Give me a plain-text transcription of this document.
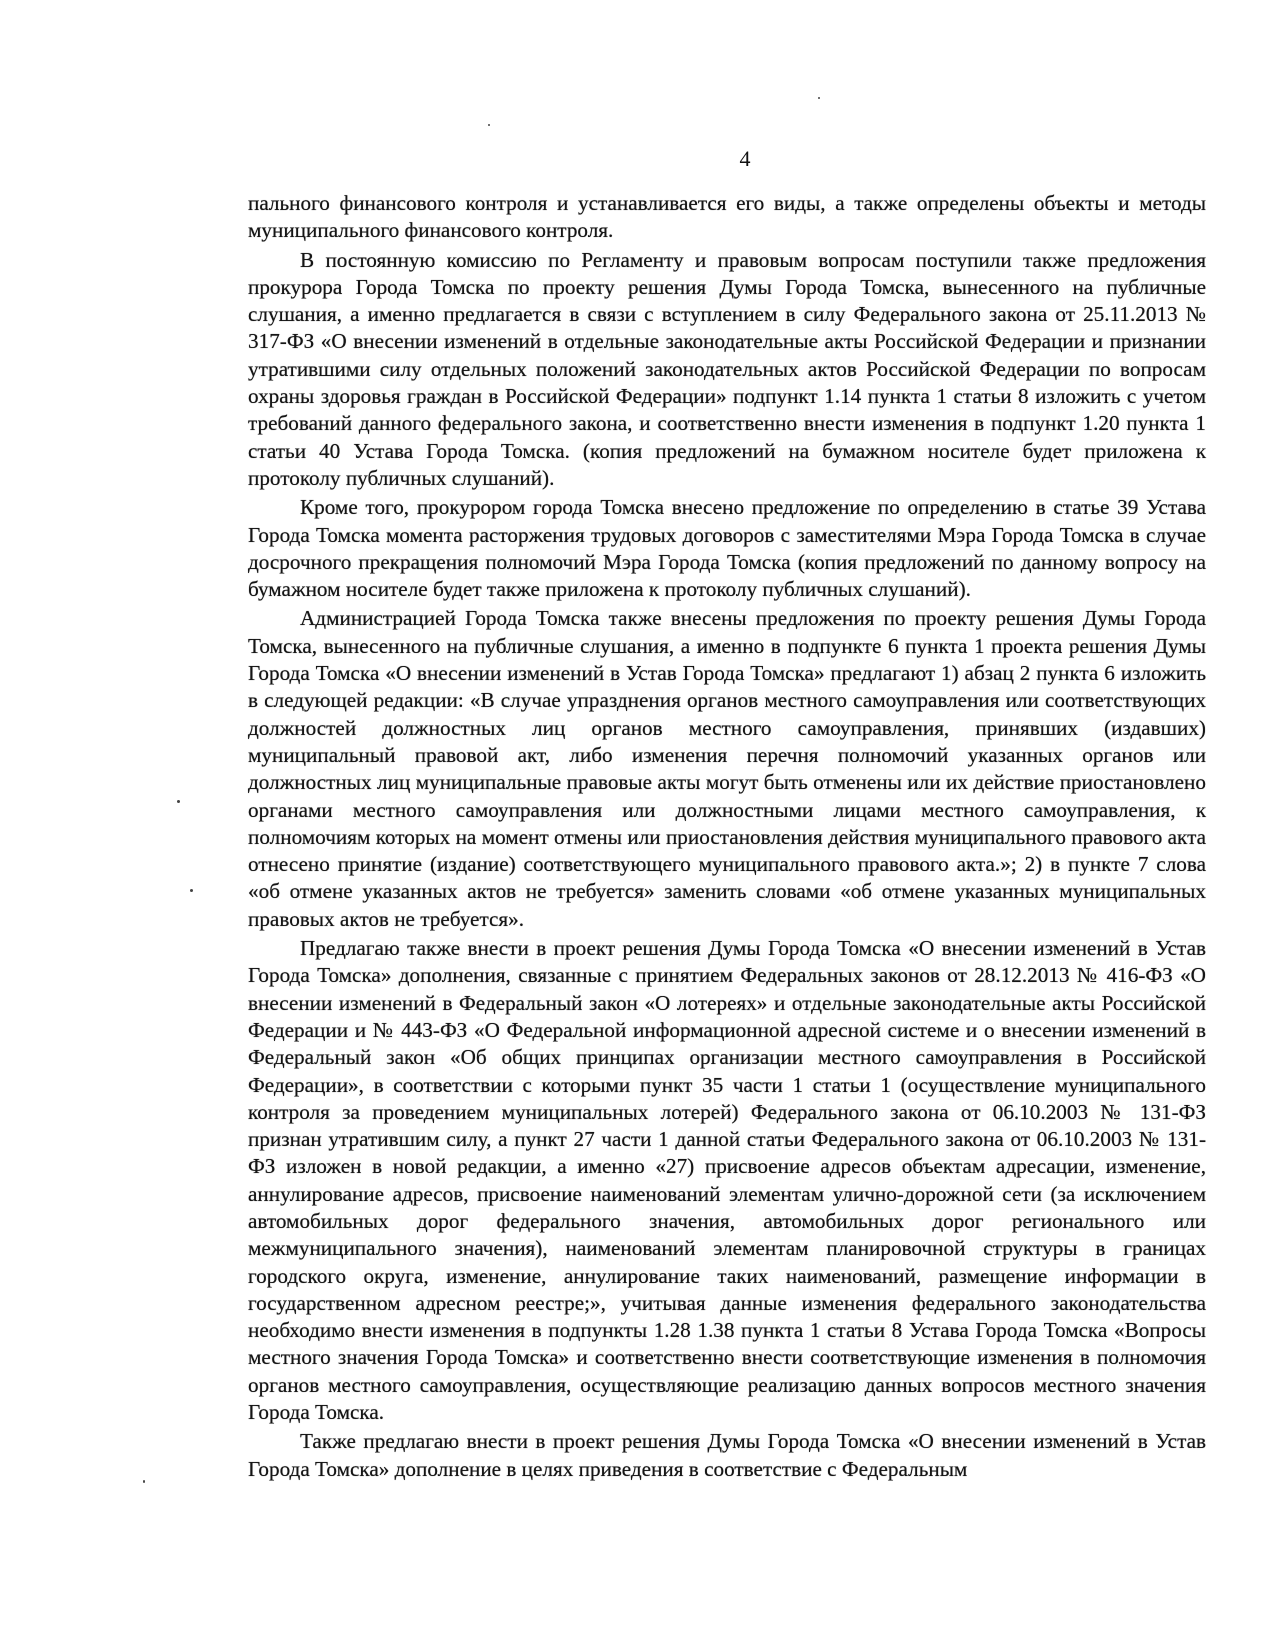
4

пального финансового контроля и устанавливается его виды, а также определены объекты и методы муниципального финансового контроля.

В постоянную комиссию по Регламенту и правовым вопросам поступили также предложения прокурора Города Томска по проекту решения Думы Города Томска, вынесенного на публичные слушания, а именно предлагается в связи с вступлением в силу Федерального закона от 25.11.2013 № 317-ФЗ «О внесении изменений в отдельные законодательные акты Российской Федерации и признании утратившими силу отдельных положений законодательных актов Российской Федерации по вопросам охраны здоровья граждан в Российской Федерации» подпункт 1.14 пункта 1 статьи 8 изложить с учетом требований данного федерального закона, и соответственно внести изменения в подпункт 1.20 пункта 1 статьи 40 Устава Города Томска. (копия предложений на бумажном носителе будет приложена к протоколу публичных слушаний).

Кроме того, прокурором города Томска внесено предложение по определению в статье 39 Устава Города Томска момента расторжения трудовых договоров с заместителями Мэра Города Томска в случае досрочного прекращения полномочий Мэра Города Томска (копия предложений по данному вопросу на бумажном носителе будет также приложена к протоколу публичных слушаний).

Администрацией Города Томска также внесены предложения по проекту решения Думы Города Томска, вынесенного на публичные слушания, а именно в подпункте 6 пункта 1 проекта решения Думы Города Томска «О внесении изменений в Устав Города Томска» предлагают 1) абзац 2 пункта 6 изложить в следующей редакции: «В случае упразднения органов местного самоуправления или соответствующих должностей должностных лиц органов местного самоуправления, принявших (издавших) муниципальный правовой акт, либо изменения перечня полномочий указанных органов или должностных лиц муниципальные правовые акты могут быть отменены или их действие приостановлено органами местного самоуправления или должностными лицами местного самоуправления, к полномочиям которых на момент отмены или приостановления действия муниципального правового акта отнесено принятие (издание) соответствующего муниципального правового акта.»; 2) в пункте 7 слова «об отмене указанных актов не требуется» заменить словами «об отмене указанных муниципальных правовых актов не требуется».

Предлагаю также внести в проект решения Думы Города Томска «О внесении изменений в Устав Города Томска» дополнения, связанные с принятием Федеральных законов от 28.12.2013 № 416-ФЗ «О внесении изменений в Федеральный закон «О лотереях» и отдельные законодательные акты Российской Федерации и № 443-ФЗ «О Федеральной информационной адресной системе и о внесении изменений в Федеральный закон «Об общих принципах организации местного самоуправления в Российской Федерации», в соответствии с которыми пункт 35 части 1 статьи 1 (осуществление муниципального контроля за проведением муниципальных лотерей) Федерального закона от 06.10.2003 № 131-ФЗ признан утратившим силу, а пункт 27 части 1 данной статьи Федерального закона от 06.10.2003 № 131-ФЗ изложен в новой редакции, а именно «27) присвоение адресов объектам адресации, изменение, аннулирование адресов, присвоение наименований элементам улично-дорожной сети (за исключением автомобильных дорог федерального значения, автомобильных дорог регионального или межмуниципального значения), наименований элементам планировочной структуры в границах городского округа, изменение, аннулирование таких наименований, размещение информации в государственном адресном реестре;», учитывая данные изменения федерального законодательства необходимо внести изменения в подпункты 1.28 1.38 пункта 1 статьи 8 Устава Города Томска «Вопросы местного значения Города Томска» и соответственно внести соответствующие изменения в полномочия органов местного самоуправления, осуществляющие реализацию данных вопросов местного значения Города Томска.

Также предлагаю внести в проект решения Думы Города Томска «О внесении изменений в Устав Города Томска» дополнение в целях приведения в соответствие с Федеральным
